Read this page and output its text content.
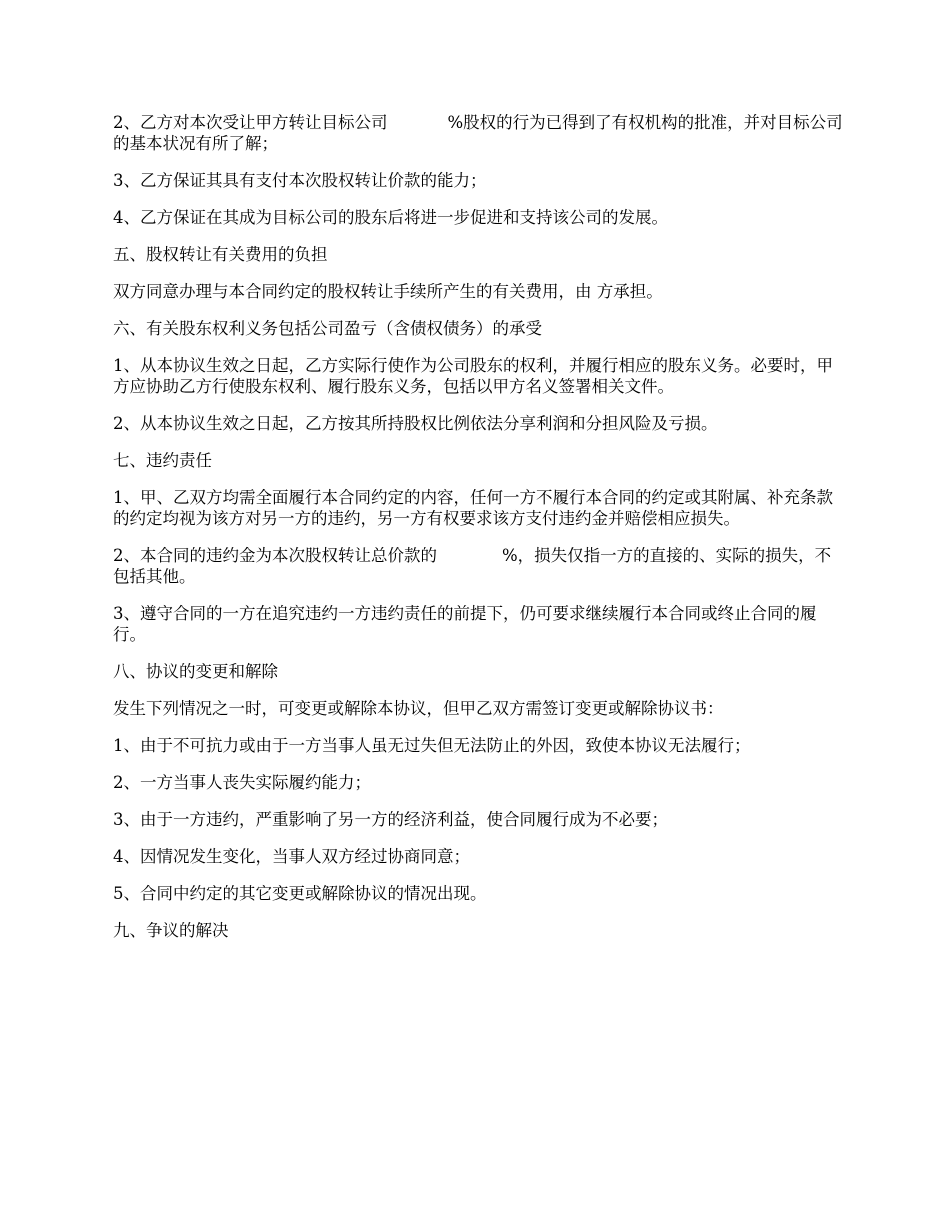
2、乙方对本次受让甲方转让目标公司	%股权的行为已得到了有权机构的批准，并对目标公司的基本状况有所了解；

3、乙方保证其具有支付本次股权转让价款的能力；

4、乙方保证在其成为目标公司的股东后将进一步促进和支持该公司的发展。

五、股权转让有关费用的负担

双方同意办理与本合同约定的股权转让手续所产生的有关费用，由 方承担。

六、有关股东权利义务包括公司盈亏（含债权债务）的承受

1、从本协议生效之日起，乙方实际行使作为公司股东的权利，并履行相应的股东义务。必要时，甲方应协助乙方行使股东权利、履行股东义务，包括以甲方名义签署相关文件。

2、从本协议生效之日起，乙方按其所持股权比例依法分享利润和分担风险及亏损。

七、违约责任

1、甲、乙双方均需全面履行本合同约定的内容，任何一方不履行本合同的约定或其附属、补充条款的约定均视为该方对另一方的违约，另一方有权要求该方支付违约金并赔偿相应损失。

2、本合同的违约金为本次股权转让总价款的	%，损失仅指一方的直接的、实际的损失，不包括其他。

3、遵守合同的一方在追究违约一方违约责任的前提下，仍可要求继续履行本合同或终止合同的履行。

八、协议的变更和解除

发生下列情况之一时，可变更或解除本协议，但甲乙双方需签订变更或解除协议书：

1、由于不可抗力或由于一方当事人虽无过失但无法防止的外因，致使本协议无法履行；

2、一方当事人丧失实际履约能力；

3、由于一方违约，严重影响了另一方的经济利益，使合同履行成为不必要；

4、因情况发生变化，当事人双方经过协商同意；

5、合同中约定的其它变更或解除协议的情况出现。

九、争议的解决
